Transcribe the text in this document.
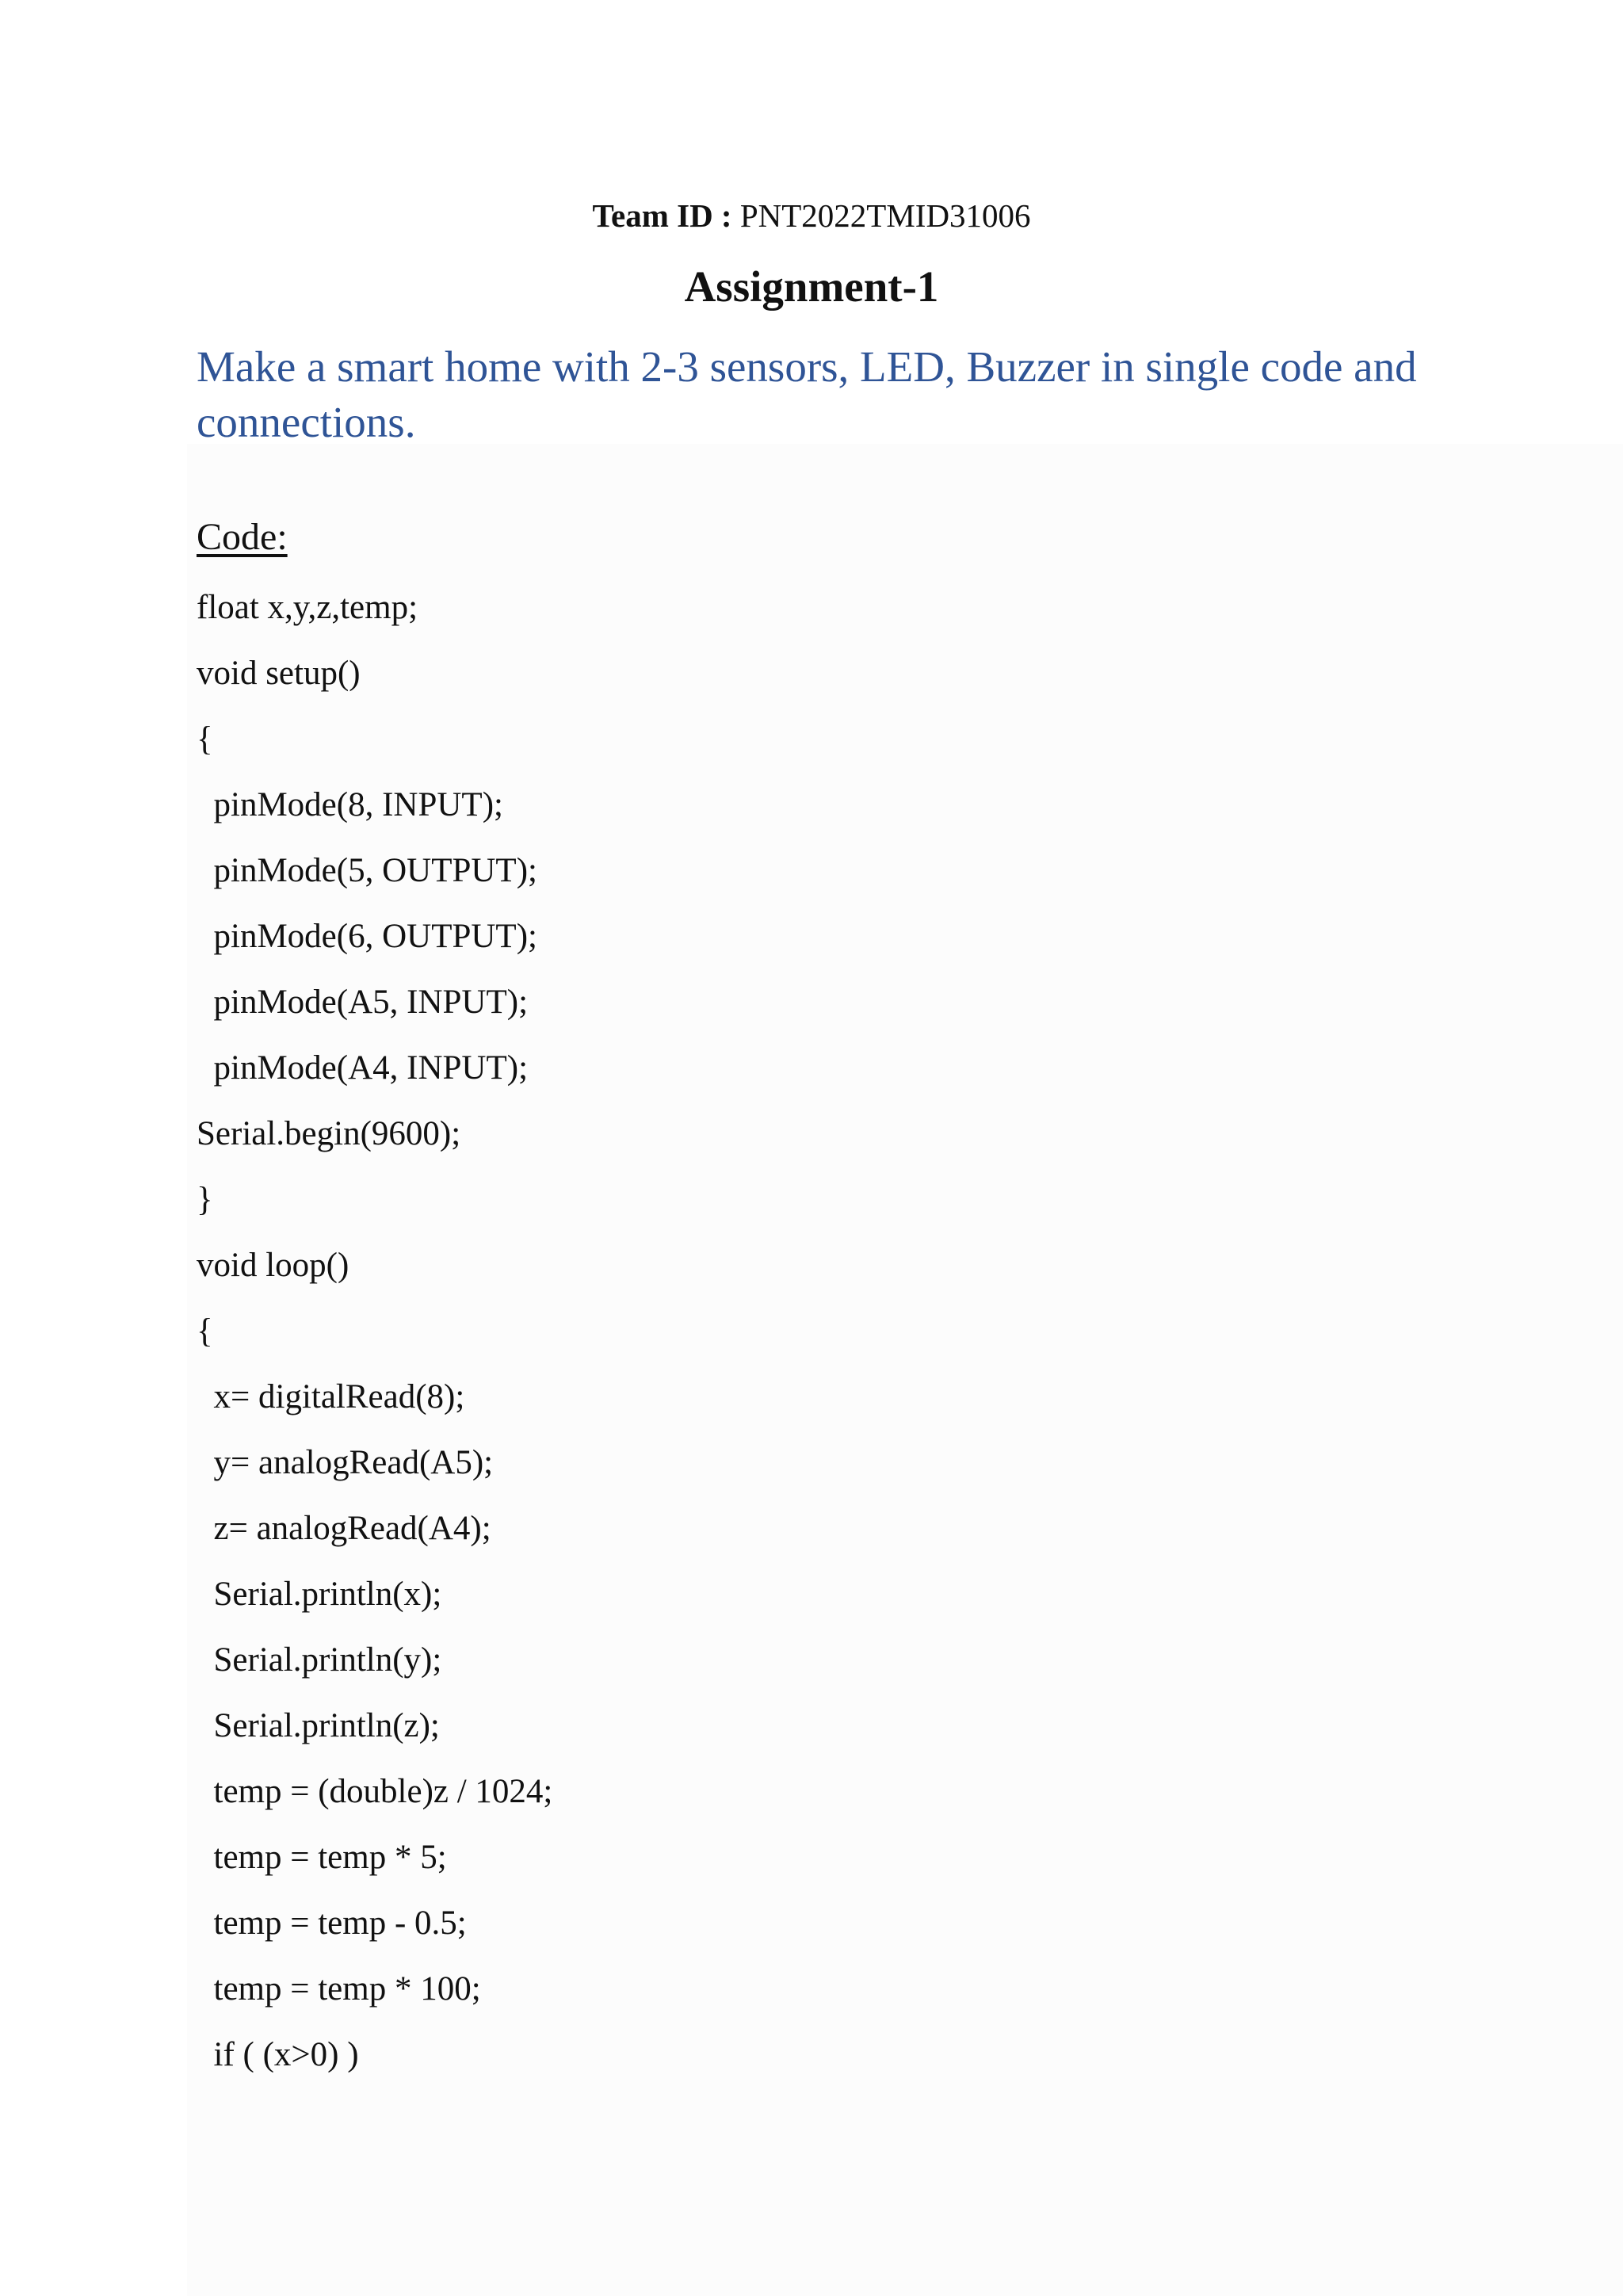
Team ID : PNT2022TMID31006

Assignment-1
Make a smart home with 2-3 sensors, LED, Buzzer in single code and connections.
Code:
float x,y,z,temp;
void setup()
{
pinMode(8, INPUT);
pinMode(5, OUTPUT);
pinMode(6, OUTPUT);
pinMode(A5, INPUT);
pinMode(A4, INPUT);
Serial.begin(9600);
}
void loop()
{
x= digitalRead(8);
y= analogRead(A5);
z= analogRead(A4);
Serial.println(x);
Serial.println(y);
Serial.println(z);
temp = (double)z / 1024;
temp = temp * 5;
temp = temp - 0.5;
temp = temp * 100;
if ( (x>0) )
